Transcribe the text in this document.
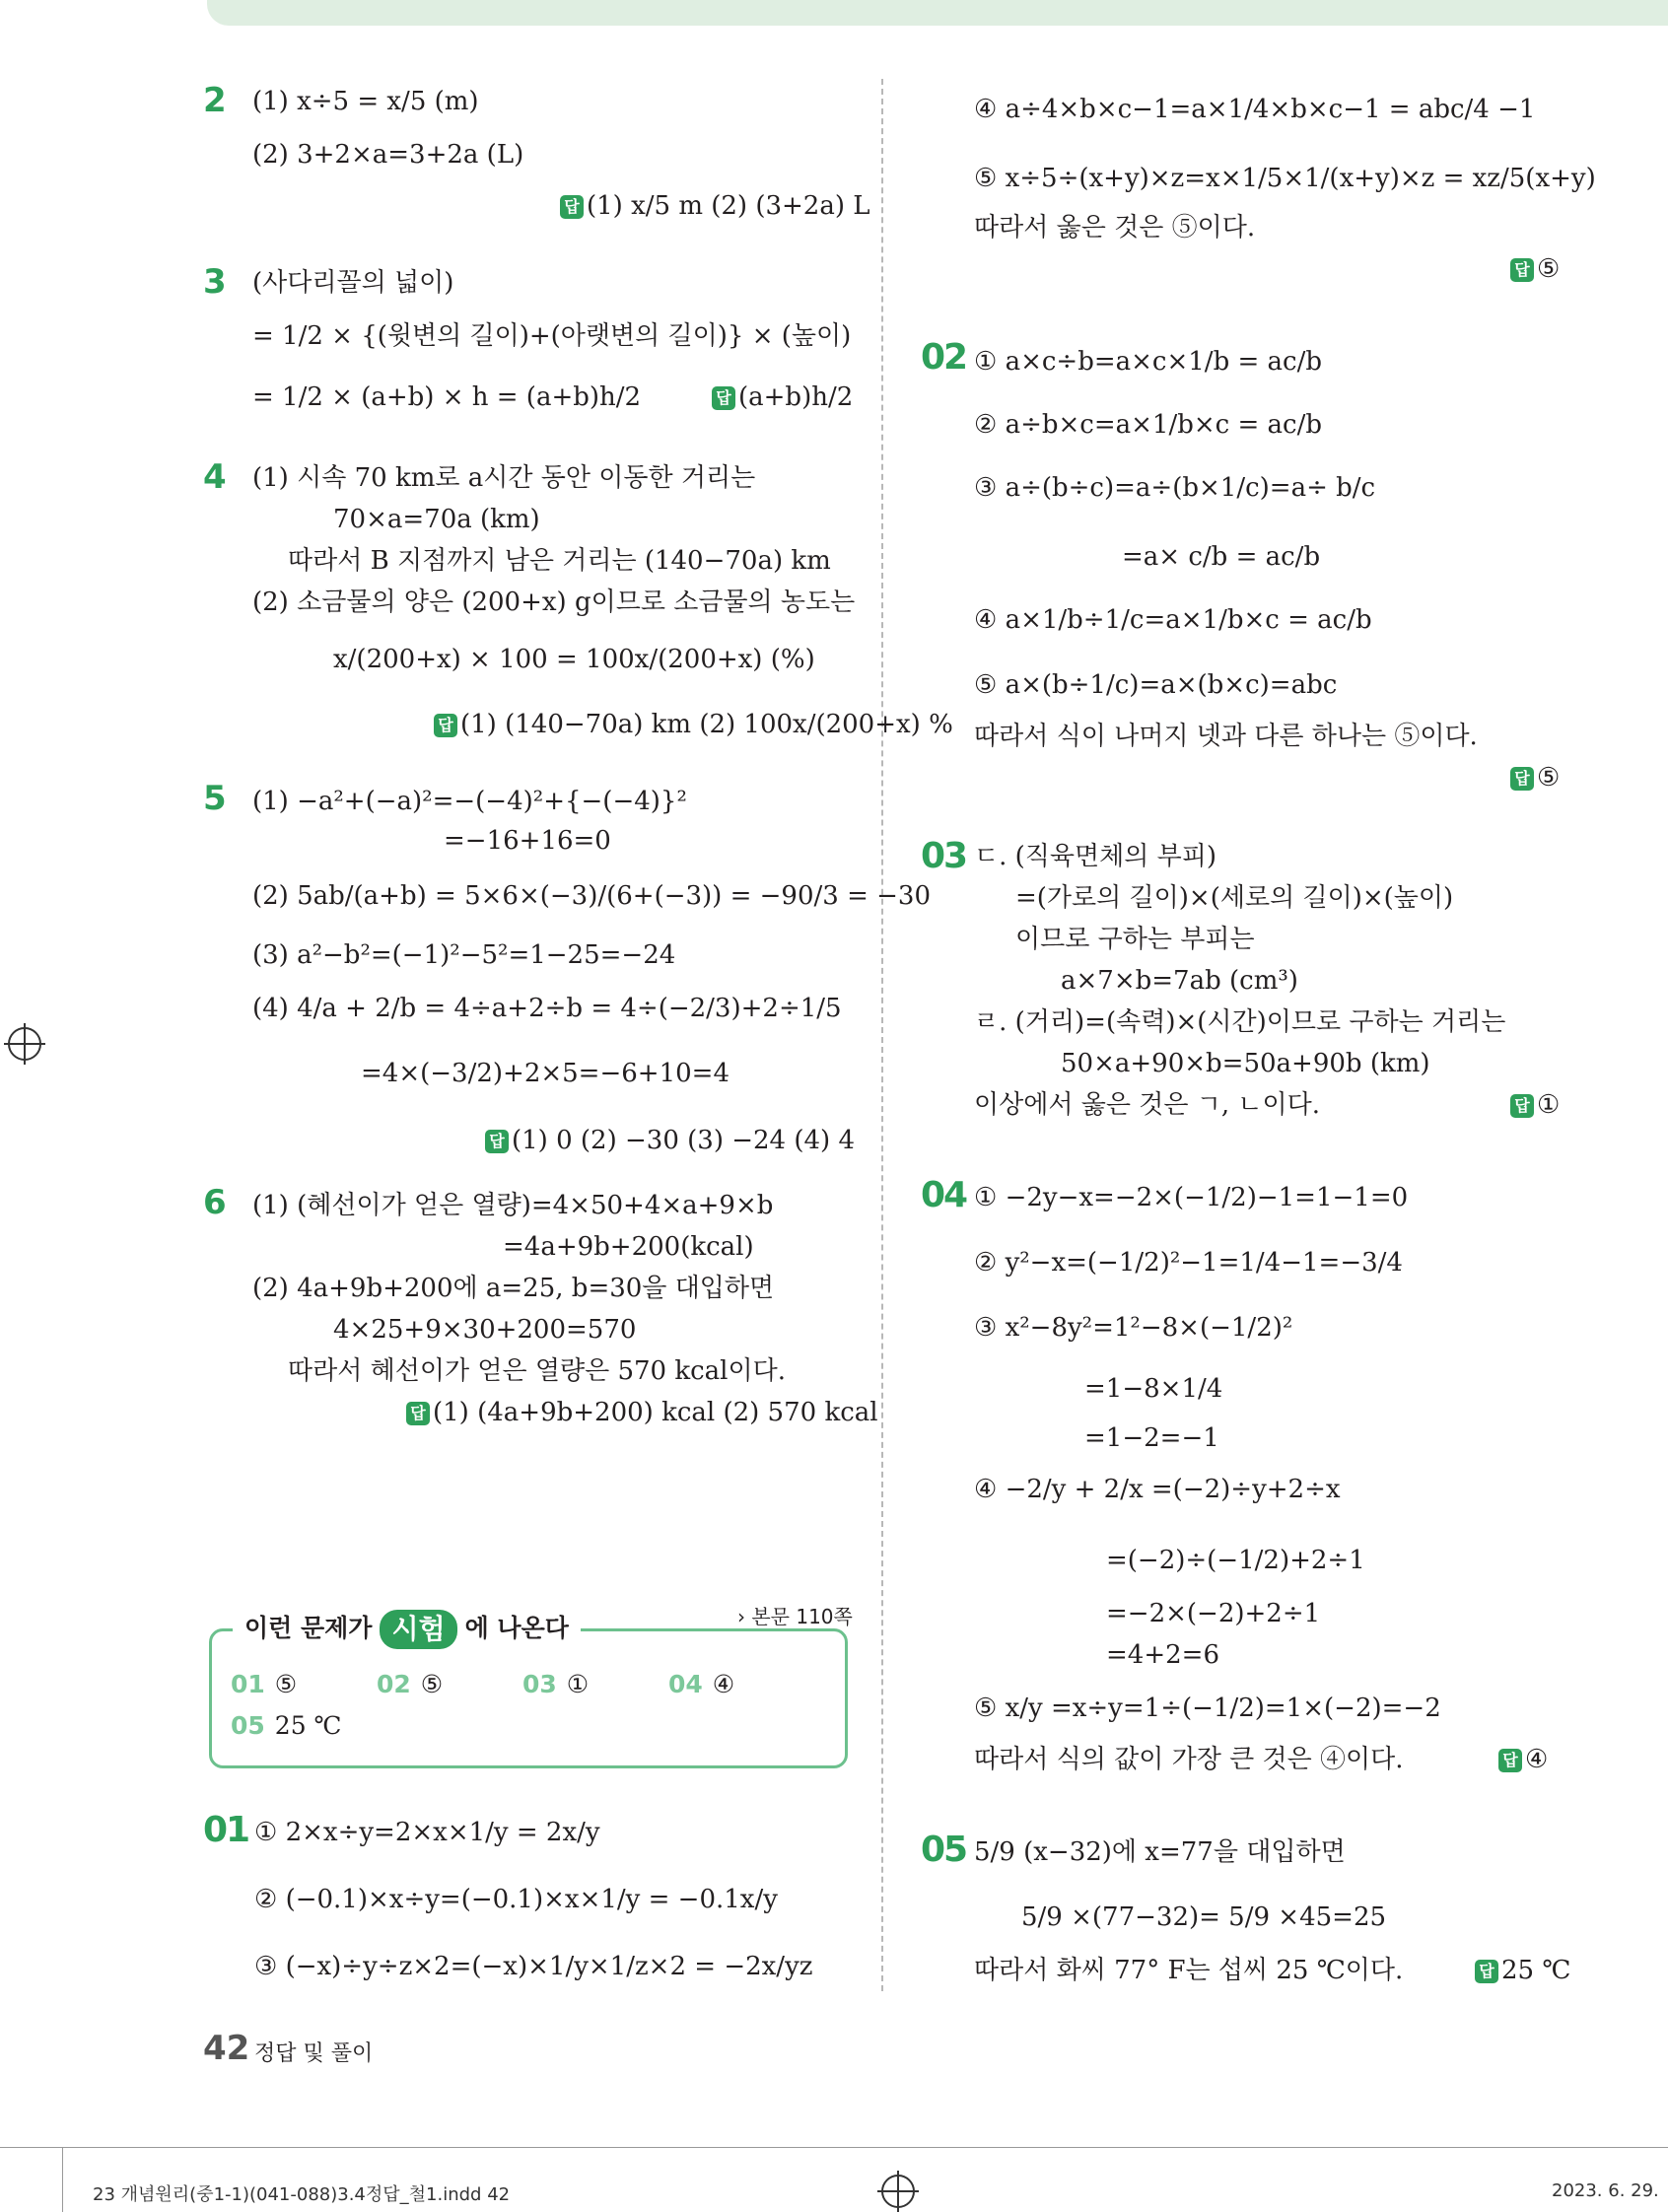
2 (1) x÷5 = x/5 (m)
(2) 3+2×a=3+2a (L)
답 (1) x/5 m (2) (3+2a) L
3 (사다리꼴의 넓이)
= 1/2 × {(윗변의 길이)+(아랫변의 길이)} × (높이)
= 1/2 × (a+b) × h = (a+b)h/2	답 (a+b)h/2
4 (1) 시속 70 km로 a시간 동안 이동한 거리는
70×a=70a (km)
따라서 B 지점까지 남은 거리는 (140−70a) km
(2) 소금물의 양은 (200+x) g이므로 소금물의 농도는
x/(200+x) × 100 = 100x/(200+x) (%)
답 (1) (140−70a) km (2) 100x/(200+x) %
5 (1) −a²+(−a)²=−(−4)²+{−(−4)}²
=−16+16=0
(2) 5ab/(a+b) = 5×6×(−3)/(6+(−3)) = −90/3 = −30
(3) a²−b²=(−1)²−5²=1−25=−24
(4) 4/a + 2/b = 4÷a+2÷b = 4÷(−2/3)+2÷1/5
=4×(−3/2)+2×5=−6+10=4
답 (1) 0 (2) −30 (3) −24 (4) 4
6 (1) (혜선이가 얻은 열량)=4×50+4×a+9×b
=4a+9b+200(kcal)
(2) 4a+9b+200에 a=25, b=30을 대입하면
4×25+9×30+200=570
따라서 혜선이가 얻은 열량은 570 kcal이다.
답 (1) (4a+9b+200) kcal (2) 570 kcal
이런 문제가 시험 에 나온다	› 본문 110쪽
01 ⑤	02 ⑤	03 ①	04 ④
05 25 ℃
01 ① 2×x÷y=2×x×1/y = 2x/y
② (−0.1)×x÷y=(−0.1)×x×1/y = −0.1x/y
③ (−x)÷y÷z×2=(−x)×1/y×1/z×2 = −2x/yz
④ a÷4×b×c−1=a×1/4×b×c−1 = abc/4 −1
⑤ x÷5÷(x+y)×z=x×1/5×1/(x+y)×z = xz/5(x+y)
따라서 옳은 것은 ⑤이다.
답 ⑤
02 ① a×c÷b=a×c×1/b = ac/b
② a÷b×c=a×1/b×c = ac/b
③ a÷(b÷c)=a÷(b×1/c)=a÷ b/c
=a× c/b = ac/b
④ a×1/b÷1/c=a×1/b×c = ac/b
⑤ a×(b÷1/c)=a×(b×c)=abc
따라서 식이 나머지 넷과 다른 하나는 ⑤이다.
답 ⑤
03 ㄷ. (직육면체의 부피)
=(가로의 길이)×(세로의 길이)×(높이)
이므로 구하는 부피는
a×7×b=7ab (cm³)
ㄹ. (거리)=(속력)×(시간)이므로 구하는 거리는
50×a+90×b=50a+90b (km)
이상에서 옳은 것은 ㄱ, ㄴ이다.	답 ①
04 ① −2y−x=−2×(−1/2)−1=1−1=0
② y²−x=(−1/2)²−1=1/4−1=−3/4
③ x²−8y²=1²−8×(−1/2)²
=1−8×1/4
=1−2=−1
④ −2/y + 2/x =(−2)÷y+2÷x
=(−2)÷(−1/2)+2÷1
=−2×(−2)+2÷1
=4+2=6
⑤ x/y =x÷y=1÷(−1/2)=1×(−2)=−2
따라서 식의 값이 가장 큰 것은 ④이다.	답 ④
05 5/9 (x−32)에 x=77을 대입하면
5/9 ×(77−32)= 5/9 ×45=25
따라서 화씨 77° F는 섭씨 25 ℃이다.	답 25 ℃
42 정답 및 풀이
23 개념원리(중1-1)(041-088)3.4정답_철1.indd 42	2023. 6. 29.
